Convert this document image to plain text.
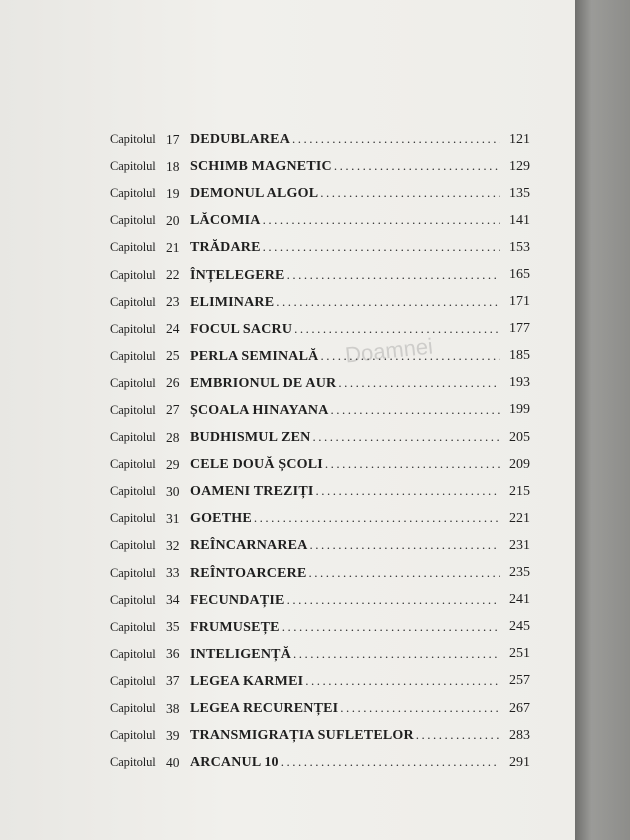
Capitolul 17 DEDUBLAREA .....	121
Capitolul 18 SCHIMB MAGNETIC .....	129
Capitolul 19 DEMONUL ALGOL .....	135
Capitolul 20 LĂCOMIA .....	141
Capitolul 21 TRĂDARE .....	153
Capitolul 22 ÎNȚELEGERE .....	165
Capitolul 23 ELIMINARE .....	171
Capitolul 24 FOCUL SACRU .....	177
Capitolul 25 PERLA SEMINALĂ .....	185
Capitolul 26 EMBRIONUL DE AUR .....	193
Capitolul 27 ȘCOALA HINAYANA .....	199
Capitolul 28 BUDHISMUL ZEN .....	205
Capitolul 29 CELE DOUĂ ȘCOLI .....	209
Capitolul 30 OAMENI TREZIȚI .....	215
Capitolul 31 GOETHE .....	221
Capitolul 32 REÎNCARNAREA .....	231
Capitolul 33 REÎNTOARCERE .....	235
Capitolul 34 FECUNDAȚIE .....	241
Capitolul 35 FRUMUSEȚE .....	245
Capitolul 36 INTELIGENȚĂ .....	251
Capitolul 37 LEGEA KARMEI .....	257
Capitolul 38 LEGEA RECURENȚEI .....	267
Capitolul 39 TRANSMIGRAȚIA SUFLETELOR .....	283
Capitolul 40 ARCANUL 10 .....	291
Doamnei
